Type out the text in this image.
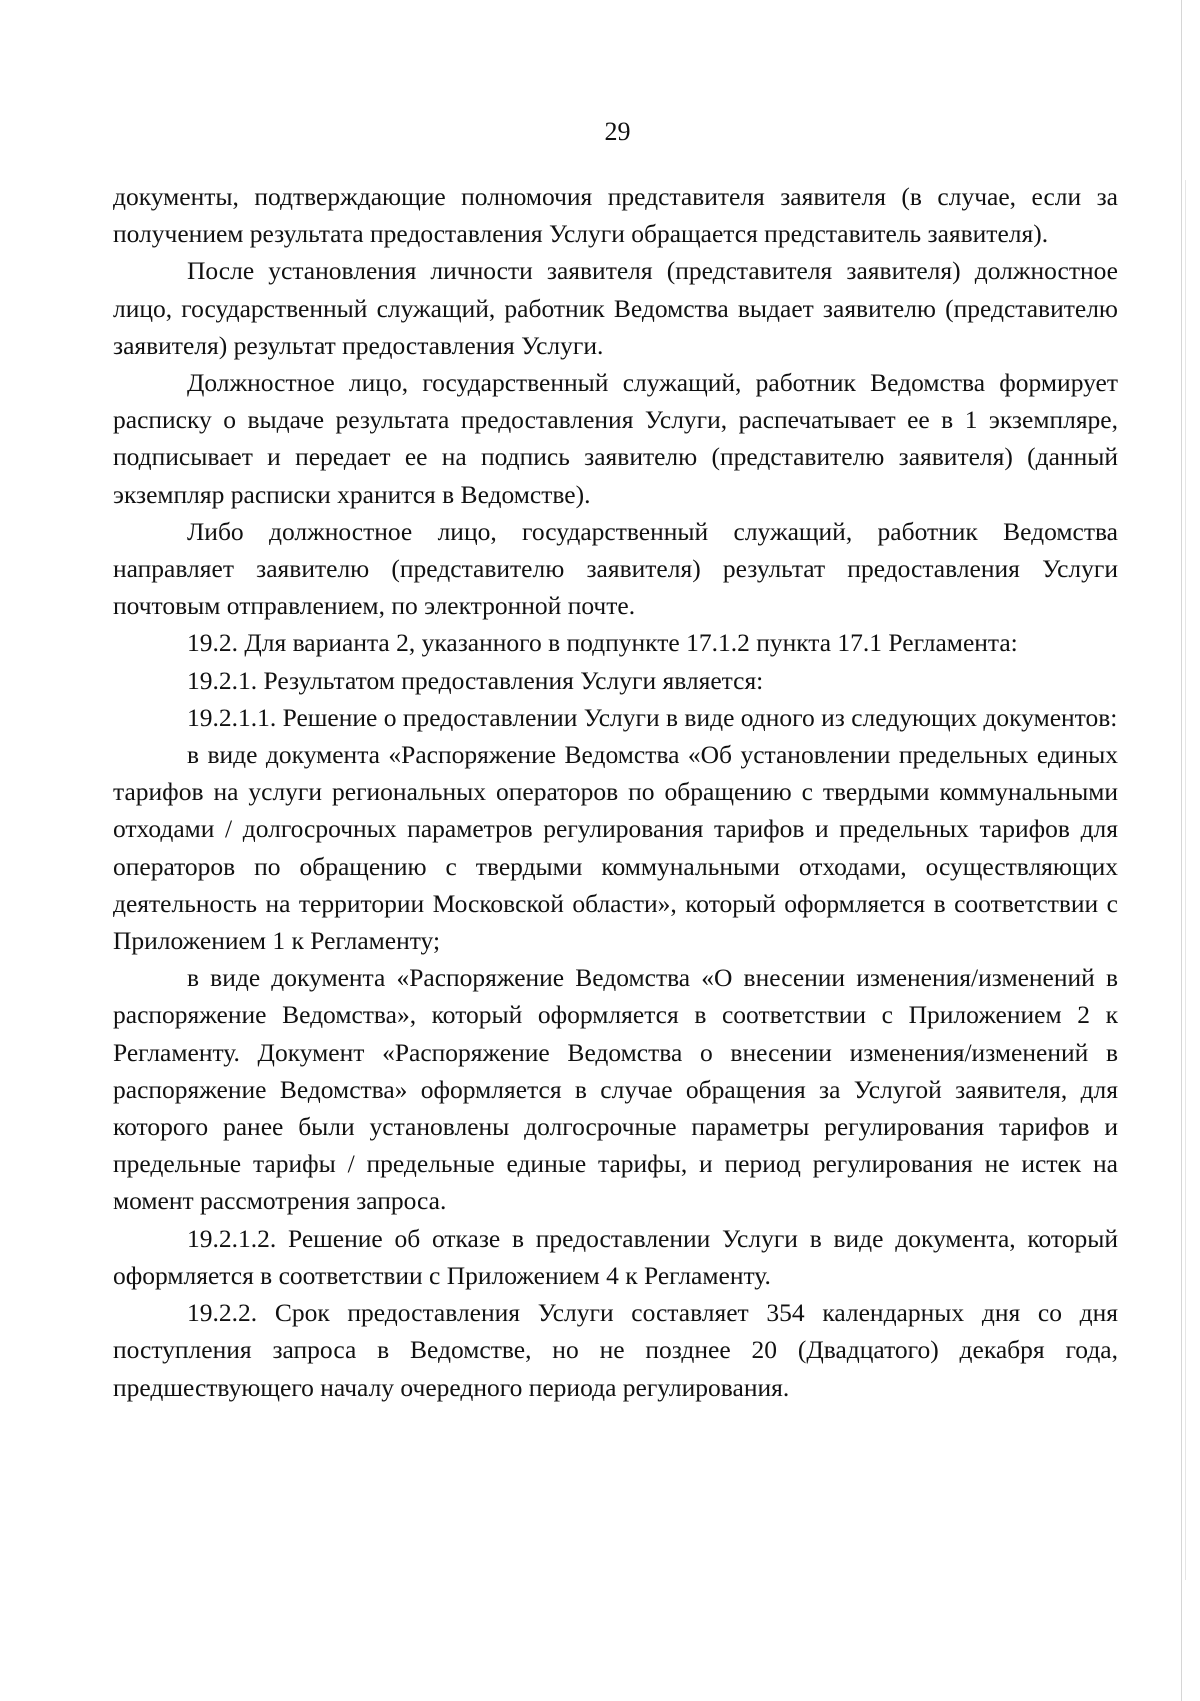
29

документы, подтверждающие полномочия представителя заявителя (в случае, если за получением результата предоставления Услуги обращается представитель заявителя).

После установления личности заявителя (представителя заявителя) должностное лицо, государственный служащий, работник Ведомства выдает заявителю (представителю заявителя) результат предоставления Услуги.

Должностное лицо, государственный служащий, работник Ведомства формирует расписку о выдаче результата предоставления Услуги, распечатывает ее в 1 экземпляре, подписывает и передает ее на подпись заявителю (представителю заявителя) (данный экземпляр расписки хранится в Ведомстве).

Либо должностное лицо, государственный служащий, работник Ведомства направляет заявителю (представителю заявителя) результат предоставления Услуги почтовым отправлением, по электронной почте.

19.2. Для варианта 2, указанного в подпункте 17.1.2 пункта 17.1 Регламента:

19.2.1. Результатом предоставления Услуги является:

19.2.1.1. Решение о предоставлении Услуги в виде одного из следующих документов:

в виде документа «Распоряжение Ведомства «Об установлении предельных единых тарифов на услуги региональных операторов по обращению с твердыми коммунальными отходами / долгосрочных параметров регулирования тарифов и предельных тарифов для операторов по обращению с твердыми коммунальными отходами, осуществляющих деятельность на территории Московской области», который оформляется в соответствии с Приложением 1 к Регламенту;

в виде документа «Распоряжение Ведомства «О внесении изменения/изменений в распоряжение Ведомства», который оформляется в соответствии с Приложением 2 к Регламенту. Документ «Распоряжение Ведомства о внесении изменения/изменений в распоряжение Ведомства» оформляется в случае обращения за Услугой заявителя, для которого ранее были установлены долгосрочные параметры регулирования тарифов и предельные тарифы / предельные единые тарифы, и период регулирования не истек на момент рассмотрения запроса.

19.2.1.2. Решение об отказе в предоставлении Услуги в виде документа, который оформляется в соответствии с Приложением 4 к Регламенту.

19.2.2. Срок предоставления Услуги составляет 354 календарных дня со дня поступления запроса в Ведомстве, но не позднее 20 (Двадцатого) декабря года, предшествующего началу очередного периода регулирования.
